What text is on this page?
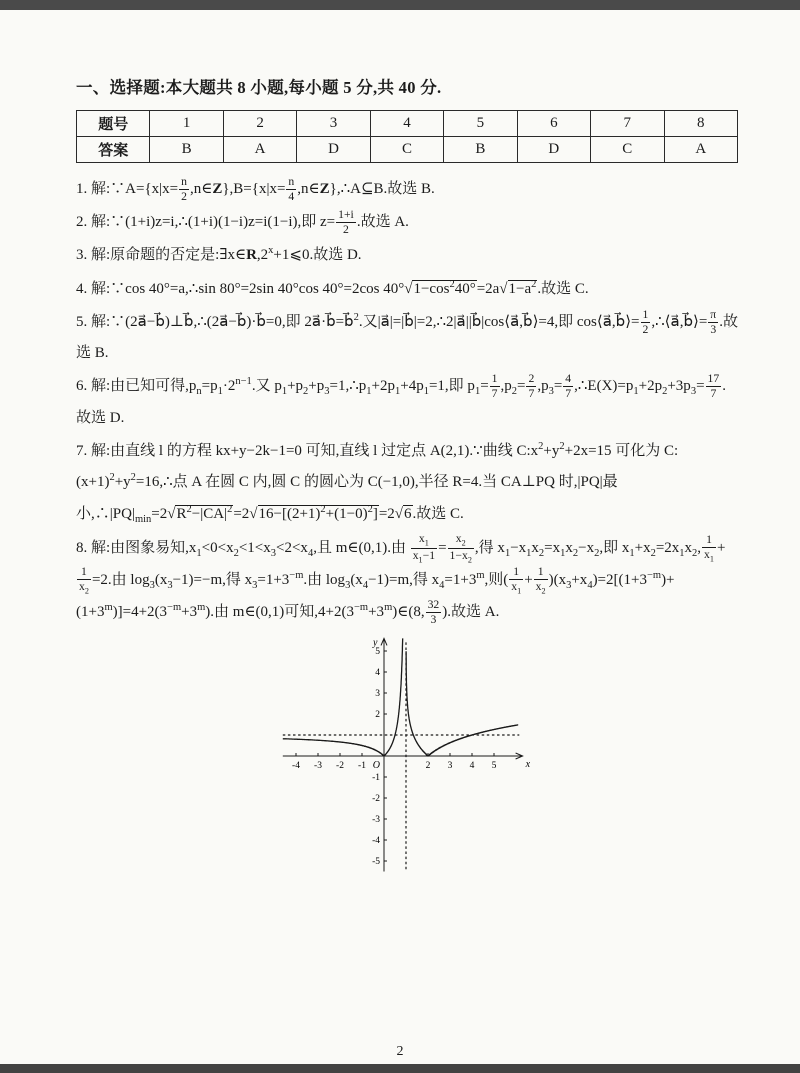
一、选择题:本大题共 8 小题,每小题 5 分,共 40 分.
题号	1	2	3	4	5	6	7	8
答案	B	A	D	C	B	D	C	A

1. 解:∵A={x|x= $\frac{n}{2}$ ,n∈Z},B={x|x= $\frac{n}{4}$ ,n∈Z},∴A⊆B.故选 B.

2. 解:∵(1+i)z=i,∴(1+i)(1−i)z=i(1−i),即 $z= \frac{1+i}{2}$ .故选 A.

3. 解:原命题的否定是$:\exists x\in R,2^x+1⩽0$.故选 D.

4. 解:∵cos 40°=a,∴sin 80°=2sin 40°cos 40°=2cos $40^\circ√1-\cos^240^\circ=2a√1-a^2$.故选 C.

5. 解:∵(2a⃗−b⃗)⊥b⃗,∴(2a⃗−b⃗)·b⃗=0,即 2a⃗·b⃗=b⃗$^2$.又|a⃗|=|b⃗|=2,∴2|a⃗||b⃗|cos⟨a⃗,b⃗⟩=4,即 cos⟨a⃗,b⃗⟩= $\frac{1}{2}$ ,∴⟨a⃗,b⃗⟩= $\frac{\pi}{3}$ .故选 B.

6. 解:由已知可得$,p_n=p_1\cdot 2^{n-1}$.又 $p_1+p_2+p_3=1,\therefore p_1+2p_1+4p_1=1$,即 $p_1= \frac{1}{7} ,p_2= \frac{2}{7} ,p_3= \frac{4}{7}$ $,\therefore E(X)=p_1+2p_2+3p_3= \frac{17}{7}$ .故选 D.

7. 解:由直线 l 的方程 kx+y−2k−1=0 可知,直线 l 过定点 A(2,1).∵曲线 $C:x^2+y^2+2x=15$ 可化为 $C:(x+1)^2+y^2=16,\therefore$点 A 在圆 C 内,圆 C 的圆心为 C(−1,0),半径 R=4.当 CA⊥PQ 时,|PQ|最小$,\therefore|PQ|_{min}=2√R^2-|CA|^2=2√16-[(2+1)^2+(1-0)^2]=2√6$.故选 C.

8. 解:由图象易知$,x_1<0<x_2<1<x_3<2<x_4$,且 m∈(0,1).由 $\frac{x_1}{x_1-1} = \frac{x_2}{1-x_2}$ ,得 $x_1-x_1x_2=x_1x_2-x_2$,即 $x_1+x_2=2x_1x_2$, $\frac{1}{x_1}$ +
$\frac{1}{x_2} =2$.由 $\log_3(x_3-1)=-m$,得 $x_3=1+3^{-m}$.由 $\log_3(x_4-1)=m$,得 $x_4=1+3^m$,则( $\frac{1}{x_1} + \frac{1}{x_2} )(x_3+x_4)=2[(1+3^{-m})+(1+3^m)]=4+2(3^{-m}+3^m)$.由 m∈(0,1)可知$,4+2(3^{-m}+3^m)\in(8$, $\frac{32}{3}$ ).故选 A.

-4 -3 -2 -1	2 3 4 5
5
4
3
2
-1
-2
-3
-4
-5
O	x
y
2
